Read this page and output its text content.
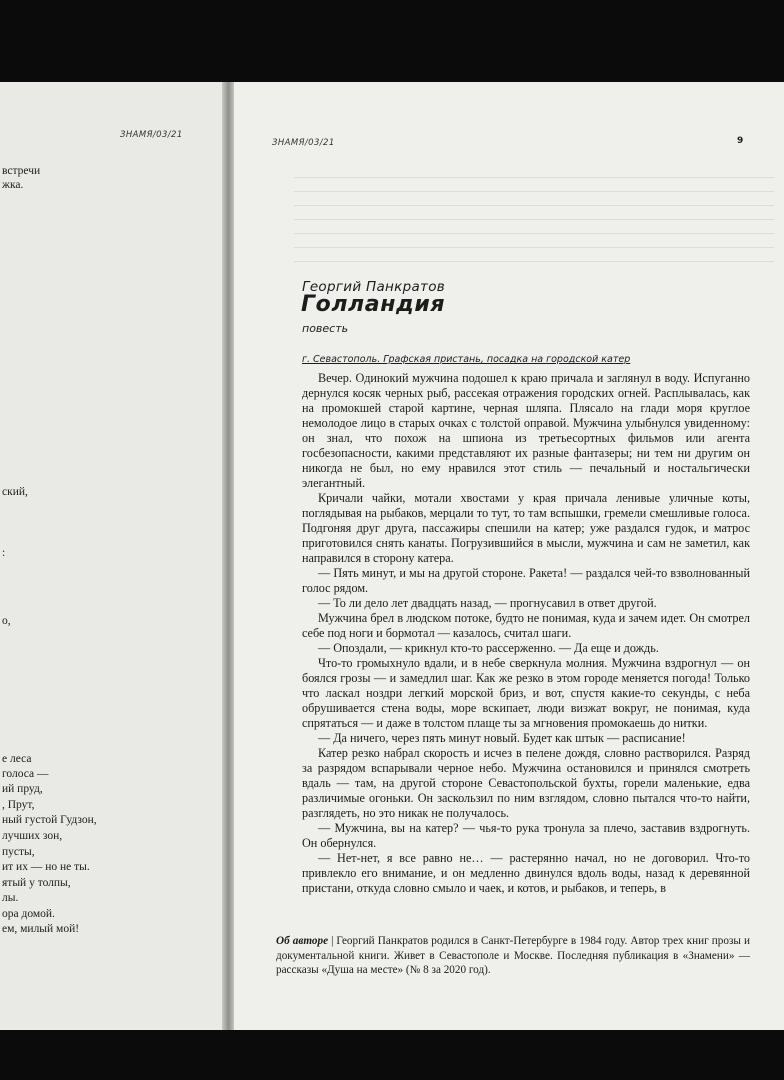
ЗНАМЯ/03/21
встречи
жка.
ский,
:
о,
е леса
голоса —
ий пруд,
, Прут,
ный густой Гудзон,
лучших зон,
пусты,
ит их — но не ты.
ятый у толпы,
лы.
ора домой.
ем, милый мой!
ЗНАМЯ/03/21	9
Георгий Панкратов
Голландия
повесть
г. Севастополь. Графская пристань, посадка на городской катер

Вечер. Одинокий мужчина подошел к краю причала и заглянул в воду. Испуганно дернулся косяк черных рыб, рассекая отражения городских огней. Расплывалась, как на промокшей старой картине, черная шляпа. Плясало на глади моря круглое немолодое лицо в старых очках с толстой оправой. Мужчина улыбнулся увиденному: он знал, что похож на шпиона из третьесортных фильмов или агента госбезопасности, какими представляют их разные фантазеры; ни тем ни другим он никогда не был, но ему нравился этот стиль — печальный и ностальгически элегантный.

Кричали чайки, мотали хвостами у края причала ленивые уличные коты, поглядывая на рыбаков, мерцали то тут, то там вспышки, гремели смешливые голоса. Подгоняя друг друга, пассажиры спешили на катер; уже раздался гудок, и матрос приготовился снять канаты. Погрузившийся в мысли, мужчина и сам не заметил, как направился в сторону катера.

— Пять минут, и мы на другой стороне. Ракета! — раздался чей-то взволнованный голос рядом.

— То ли дело лет двадцать назад, — прогнусавил в ответ другой.

Мужчина брел в людском потоке, будто не понимая, куда и зачем идет. Он смотрел себе под ноги и бормотал — казалось, считал шаги.

— Опоздали, — крикнул кто-то рассерженно. — Да еще и дождь.

Что-то громыхнуло вдали, и в небе сверкнула молния. Мужчина вздрогнул — он боялся грозы — и замедлил шаг. Как же резко в этом городе меняется погода! Только что ласкал ноздри легкий морской бриз, и вот, спустя какие-то секунды, с неба обрушивается стена воды, море вскипает, люди визжат вокруг, не понимая, куда спрятаться — и даже в толстом плаще ты за мгновения промокаешь до нитки.

— Да ничего, через пять минут новый. Будет как штык — расписание!

Катер резко набрал скорость и исчез в пелене дождя, словно растворился. Разряд за разрядом вспарывали черное небо. Мужчина остановился и принялся смотреть вдаль — там, на другой стороне Севастопольской бухты, горели маленькие, едва различимые огоньки. Он заскользил по ним взглядом, словно пытался что-то найти, разглядеть, но это никак не получалось.

— Мужчина, вы на катер? — чья-то рука тронула за плечо, заставив вздрогнуть. Он обернулся.

— Нет-нет, я все равно не… — растерянно начал, но не договорил. Что-то привлекло его внимание, и он медленно двинулся вдоль воды, назад к деревянной пристани, откуда словно смыло и чаек, и котов, и рыбаков, и теперь, в

Об авторе | Георгий Панкратов родился в Санкт-Петербурге в 1984 году. Автор трех книг прозы и документальной книги. Живет в Севастополе и Москве. Последняя публикация в «Знамени» — рассказы «Душа на месте» (№ 8 за 2020 год).
